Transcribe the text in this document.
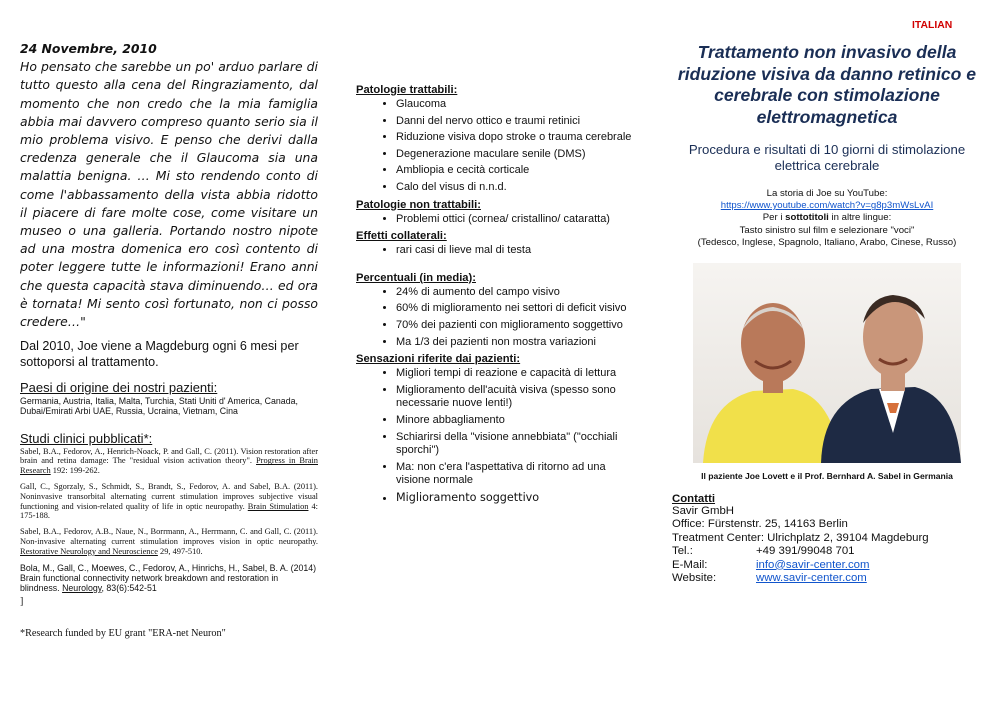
24 Novembre, 2010
Ho pensato che sarebbe un po' arduo parlare di tutto questo alla cena del Ringraziamento, dal momento che non credo che la mia famiglia abbia mai davvero compreso quanto serio sia il mio problema visivo. E penso che derivi dalla credenza generale che il Glaucoma sia una malattia benigna. … Mi sto rendendo conto di come l'abbassamento della vista abbia ridotto il piacere di fare molte cose, come visitare un museo o una galleria. Portando nostro nipote ad una mostra domenica ero così contento di poter leggere tutte le informazioni! Erano anni che questa capacità stava diminuendo… ed ora è tornata! Mi sento così fortunato, non ci posso credere…"
Dal 2010, Joe viene a Magdeburg ogni 6 mesi per sottoporsi al trattamento.
Paesi di origine dei nostri pazienti:
Germania, Austria, Italia, Malta, Turchia, Stati Uniti d' America, Canada, Dubai/Emirati Arbi UAE, Russia, Ucraina, Vietnam, Cina
Studi clinici pubblicati*:
Sabel, B.A., Fedorov, A., Henrich-Noack, P. and Gall, C. (2011). Vision restoration after brain and retina damage: The "residual vision activation theory". Progress in Brain Research 192: 199-262.
Gall, C., Sgorzaly, S., Schmidt, S., Brandt, S., Fedorov, A. and Sabel, B.A. (2011). Noninvasive transorbital alternating current stimulation improves subjective visual functioning and vision-related quality of life in optic neuropathy. Brain Stimulation 4: 175-188.
Sabel, B.A., Fedorov, A.B., Naue, N., Borrmann, A., Herrmann, C. and Gall, C. (2011). Non-invasive alternating current stimulation improves vision in optic neuropathy. Restorative Neurology and Neuroscience 29, 497-510.
Bola, M., Gall, C., Moewes, C., Fedorov, A., Hinrichs, H., Sabel, B. A. (2014) Brain functional connectivity network breakdown and restoration in blindness. Neurology, 83(6):542-51
]
*Research funded by EU grant "ERA-net Neuron"
Patologie trattabili:
• Glaucoma
• Danni del nervo ottico e traumi retinici
• Riduzione visiva dopo stroke o trauma cerebrale
• Degenerazione maculare senile (DMS)
• Ambliopia e cecità corticale
• Calo del visus di n.n.d.
Patologie non trattabili:
• Problemi ottici (cornea/ cristallino/ cataratta)
Effetti collaterali:
• rari casi di lieve mal di testa
Percentuali (in media):
• 24% di aumento del campo visivo
• 60% di miglioramento nei settori di deficit visivo
• 70% dei pazienti con miglioramento soggettivo
• Ma 1/3 dei pazienti non mostra variazioni
Sensazioni riferite dai pazienti:
• Migliori tempi di reazione e capacità di lettura
• Miglioramento dell'acuità visiva (spesso sono necessarie nuove lenti!)
• Minore abbagliamento
• Schiarirsi della "visione annebbiata" ("occhiali sporchi")
• Ma: non c'era l'aspettativa di ritorno ad una visione normale
• Miglioramento soggettivo
ITALIAN
Trattamento non invasivo della riduzione visiva da danno retinico e cerebrale con stimolazione elettromagnetica
Procedura e risultati di 10 giorni di stimolazione elettrica cerebrale
La storia di Joe su YouTube:
https://www.youtube.com/watch?v=g8p3mWsLvAI
Per i sottotitoli in altre lingue:
Tasto sinistro sul film e selezionare "voci"
(Tedesco, Inglese, Spagnolo, Italiano, Arabo, Cinese, Russo)
Il paziente Joe Lovett e il Prof. Bernhard A. Sabel in Germania
Contatti
Savir GmbH
Office: Fürstenstr. 25, 14163 Berlin
Treatment Center: Ulrichplatz 2, 39104 Magdeburg
Tel.:	+49 391/99048 701
E-Mail:	info@savir-center.com
Website:	www.savir-center.com
